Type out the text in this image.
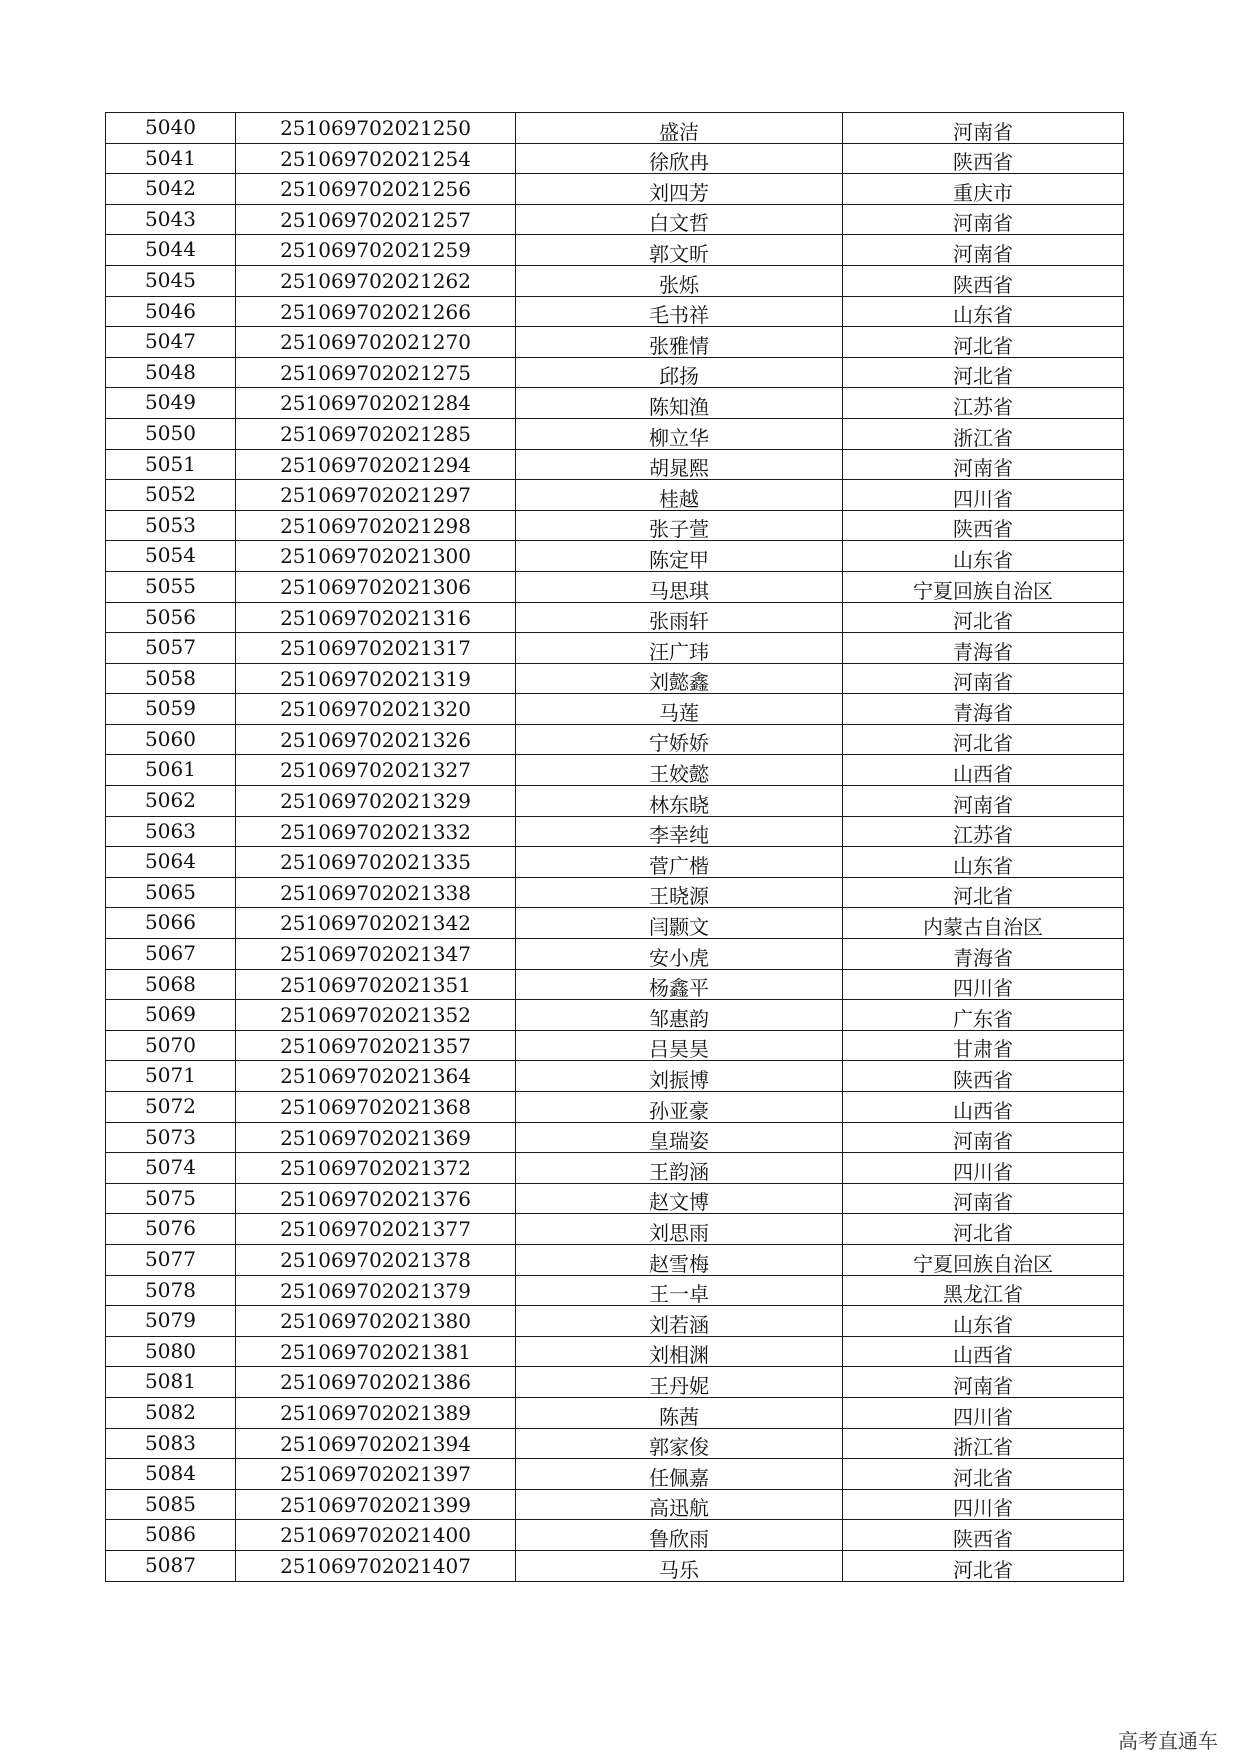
5040	251069702021250	盛洁	河南省
5041	251069702021254	徐欣冉	陕西省
5042	251069702021256	刘四芳	重庆市
5043	251069702021257	白文哲	河南省
5044	251069702021259	郭文昕	河南省
5045	251069702021262	张烁	陕西省
5046	251069702021266	毛书祥	山东省
5047	251069702021270	张雅情	河北省
5048	251069702021275	邱扬	河北省
5049	251069702021284	陈知渔	江苏省
5050	251069702021285	柳立华	浙江省
5051	251069702021294	胡晁熙	河南省
5052	251069702021297	桂越	四川省
5053	251069702021298	张子萱	陕西省
5054	251069702021300	陈定甲	山东省
5055	251069702021306	马思琪	宁夏回族自治区
5056	251069702021316	张雨轩	河北省
5057	251069702021317	汪广玮	青海省
5058	251069702021319	刘懿鑫	河南省
5059	251069702021320	马莲	青海省
5060	251069702021326	宁娇娇	河北省
5061	251069702021327	王姣懿	山西省
5062	251069702021329	林东晓	河南省
5063	251069702021332	李幸纯	江苏省
5064	251069702021335	菅广楷	山东省
5065	251069702021338	王晓源	河北省
5066	251069702021342	闫颢文	内蒙古自治区
5067	251069702021347	安小虎	青海省
5068	251069702021351	杨鑫平	四川省
5069	251069702021352	邹惠韵	广东省
5070	251069702021357	吕昊昊	甘肃省
5071	251069702021364	刘振博	陕西省
5072	251069702021368	孙亚豪	山西省
5073	251069702021369	皇瑞姿	河南省
5074	251069702021372	王韵涵	四川省
5075	251069702021376	赵文博	河南省
5076	251069702021377	刘思雨	河北省
5077	251069702021378	赵雪梅	宁夏回族自治区
5078	251069702021379	王一卓	黑龙江省
5079	251069702021380	刘若涵	山东省
5080	251069702021381	刘相渊	山西省
5081	251069702021386	王丹妮	河南省
5082	251069702021389	陈茜	四川省
5083	251069702021394	郭家俊	浙江省
5084	251069702021397	任佩嘉	河北省
5085	251069702021399	高迅航	四川省
5086	251069702021400	鲁欣雨	陕西省
5087	251069702021407	马乐	河北省
高考直通车
